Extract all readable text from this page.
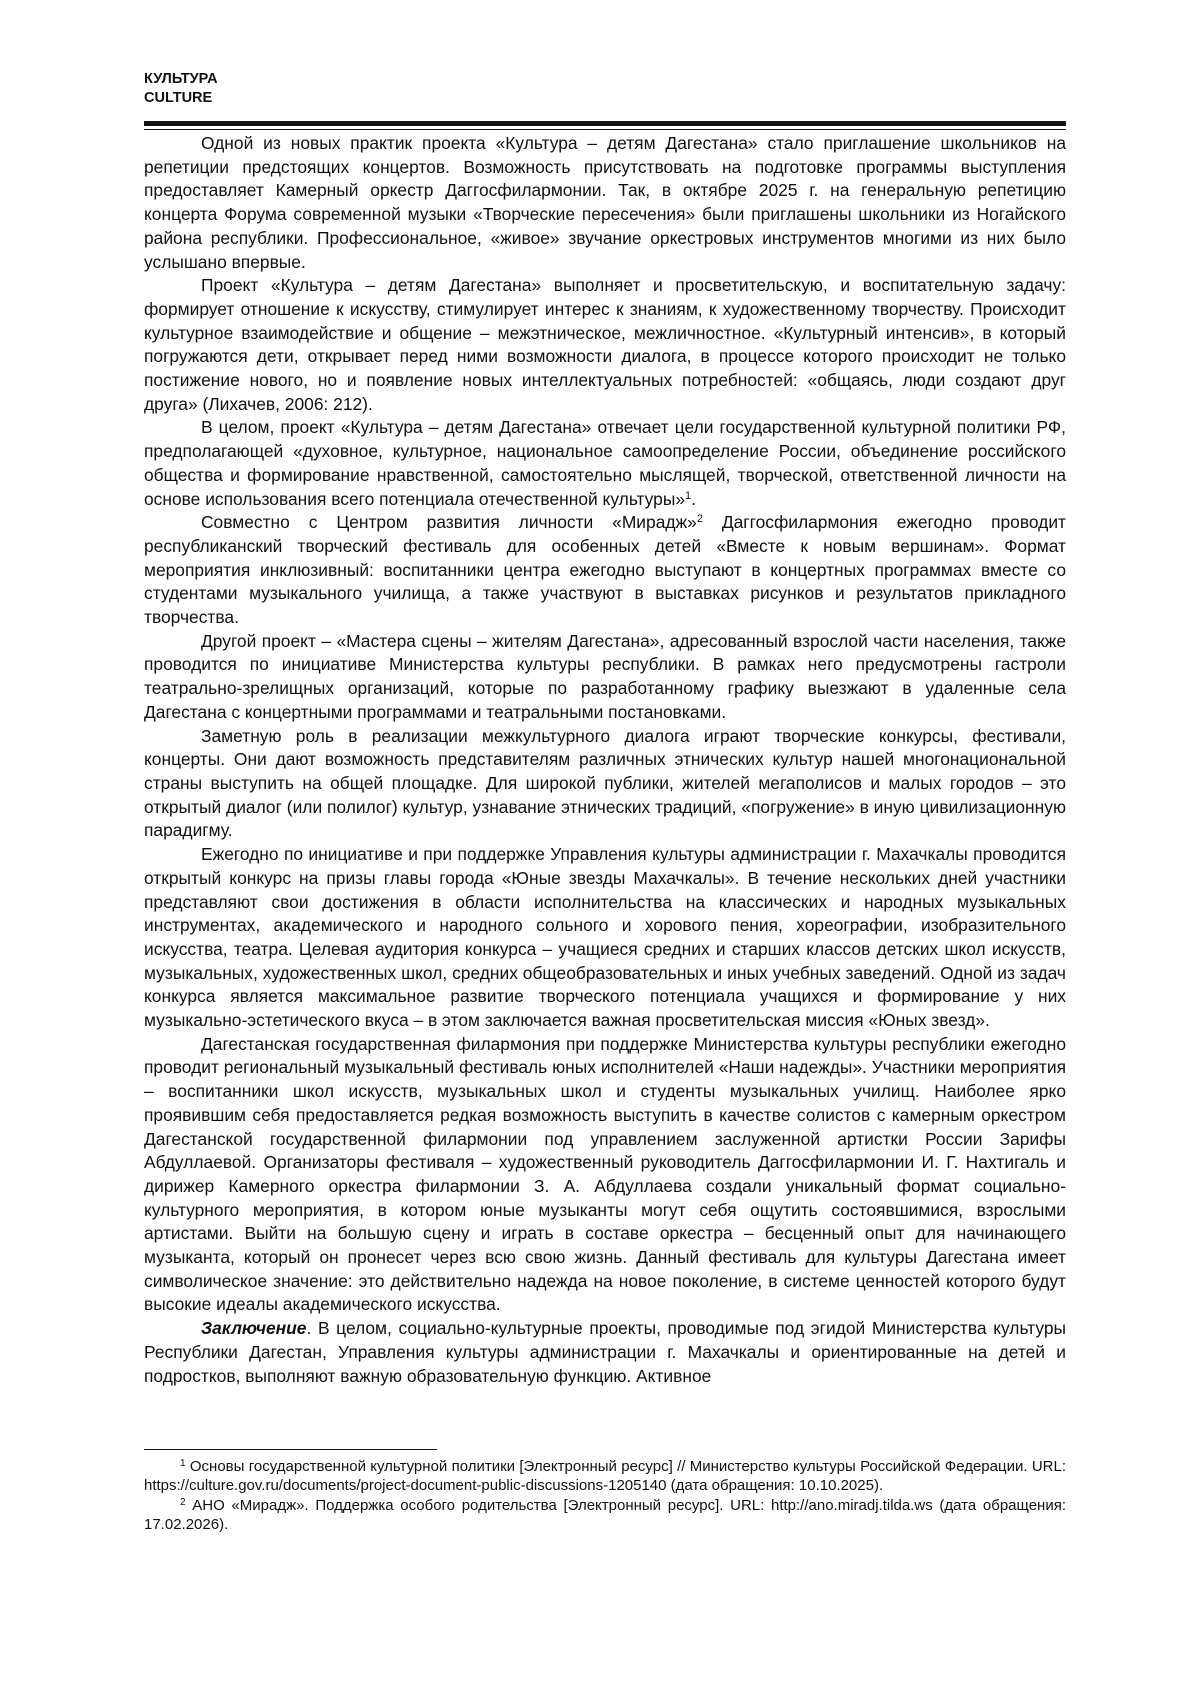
КУЛЬТУРА
CULTURE

Одной из новых практик проекта «Культура – детям Дагестана» стало приглашение школьников на репетиции предстоящих концертов. Возможность присутствовать на подготовке программы выступления предоставляет Камерный оркестр Даггосфилармонии. Так, в октябре 2025 г. на генеральную репетицию концерта Форума современной музыки «Творческие пересечения» были приглашены школьники из Ногайского района республики. Профессиональное, «живое» звучание оркестровых инструментов многими из них было услышано впервые.

Проект «Культура – детям Дагестана» выполняет и просветительскую, и воспитательную задачу: формирует отношение к искусству, стимулирует интерес к знаниям, к художественному творчеству. Происходит культурное взаимодействие и общение – межэтническое, межличностное. «Культурный интенсив», в который погружаются дети, открывает перед ними возможности диалога, в процессе которого происходит не только постижение нового, но и появление новых интеллектуальных потребностей: «общаясь, люди создают друг друга» (Лихачев, 2006: 212).

В целом, проект «Культура – детям Дагестана» отвечает цели государственной культурной политики РФ, предполагающей «духовное, культурное, национальное самоопределение России, объединение российского общества и формирование нравственной, самостоятельно мыслящей, творческой, ответственной личности на основе использования всего потенциала отечественной культуры»$^1$.

Совместно с Центром развития личности «Мирадж»$^2$ Даггосфилармония ежегодно проводит республиканский творческий фестиваль для особенных детей «Вместе к новым вершинам». Формат мероприятия инклюзивный: воспитанники центра ежегодно выступают в концертных программах вместе со студентами музыкального училища, а также участвуют в выставках рисунков и результатов прикладного творчества.

Другой проект – «Мастера сцены – жителям Дагестана», адресованный взрослой части населения, также проводится по инициативе Министерства культуры республики. В рамках него предусмотрены гастроли театрально-зрелищных организаций, которые по разработанному графику выезжают в удаленные села Дагестана с концертными программами и театральными постановками.

Заметную роль в реализации межкультурного диалога играют творческие конкурсы, фестивали, концерты. Они дают возможность представителям различных этнических культур нашей многонациональной страны выступить на общей площадке. Для широкой публики, жителей мегаполисов и малых городов – это открытый диалог (или полилог) культур, узнавание этнических традиций, «погружение» в иную цивилизационную парадигму.

Ежегодно по инициативе и при поддержке Управления культуры администрации г. Махачкалы проводится открытый конкурс на призы главы города «Юные звезды Махачкалы». В течение нескольких дней участники представляют свои достижения в области исполнительства на классических и народных музыкальных инструментах, академического и народного сольного и хорового пения, хореографии, изобразительного искусства, театра. Целевая аудитория конкурса – учащиеся средних и старших классов детских школ искусств, музыкальных, художественных школ, средних общеобразовательных и иных учебных заведений. Одной из задач конкурса является максимальное развитие творческого потенциала учащихся и формирование у них музыкально-эстетического вкуса – в этом заключается важная просветительская миссия «Юных звезд».

Дагестанская государственная филармония при поддержке Министерства культуры республики ежегодно проводит региональный музыкальный фестиваль юных исполнителей «Наши надежды». Участники мероприятия – воспитанники школ искусств, музыкальных школ и студенты музыкальных училищ. Наиболее ярко проявившим себя предоставляется редкая возможность выступить в качестве солистов с камерным оркестром Дагестанской государственной филармонии под управлением заслуженной артистки России Зарифы Абдуллаевой. Организаторы фестиваля – художественный руководитель Даггосфилармонии И. Г. Нахтигаль и дирижер Камерного оркестра филармонии З. А. Абдуллаева создали уникальный формат социально-культурного мероприятия, в котором юные музыканты могут себя ощутить состоявшимися, взрослыми артистами. Выйти на большую сцену и играть в составе оркестра – бесценный опыт для начинающего музыканта, который он пронесет через всю свою жизнь. Данный фестиваль для культуры Дагестана имеет символическое значение: это действительно надежда на новое поколение, в системе ценностей которого будут высокие идеалы академического искусства.

Заключение. В целом, социально-культурные проекты, проводимые под эгидой Министерства культуры Республики Дагестан, Управления культуры администрации г. Махачкалы и ориентированные на детей и подростков, выполняют важную образовательную функцию. Активное

$^1$ Основы государственной культурной политики [Электронный ресурс] // Министерство культуры Российской Федерации. URL: https://culture.gov.ru/documents/project-document-public-discussions-1205140 (дата обращения: 10.10.2025).

$^2$ АНО «Мирадж». Поддержка особого родительства [Электронный ресурс]. URL: http://ano.miradj.tilda.ws (дата обращения: 17.02.2026).
